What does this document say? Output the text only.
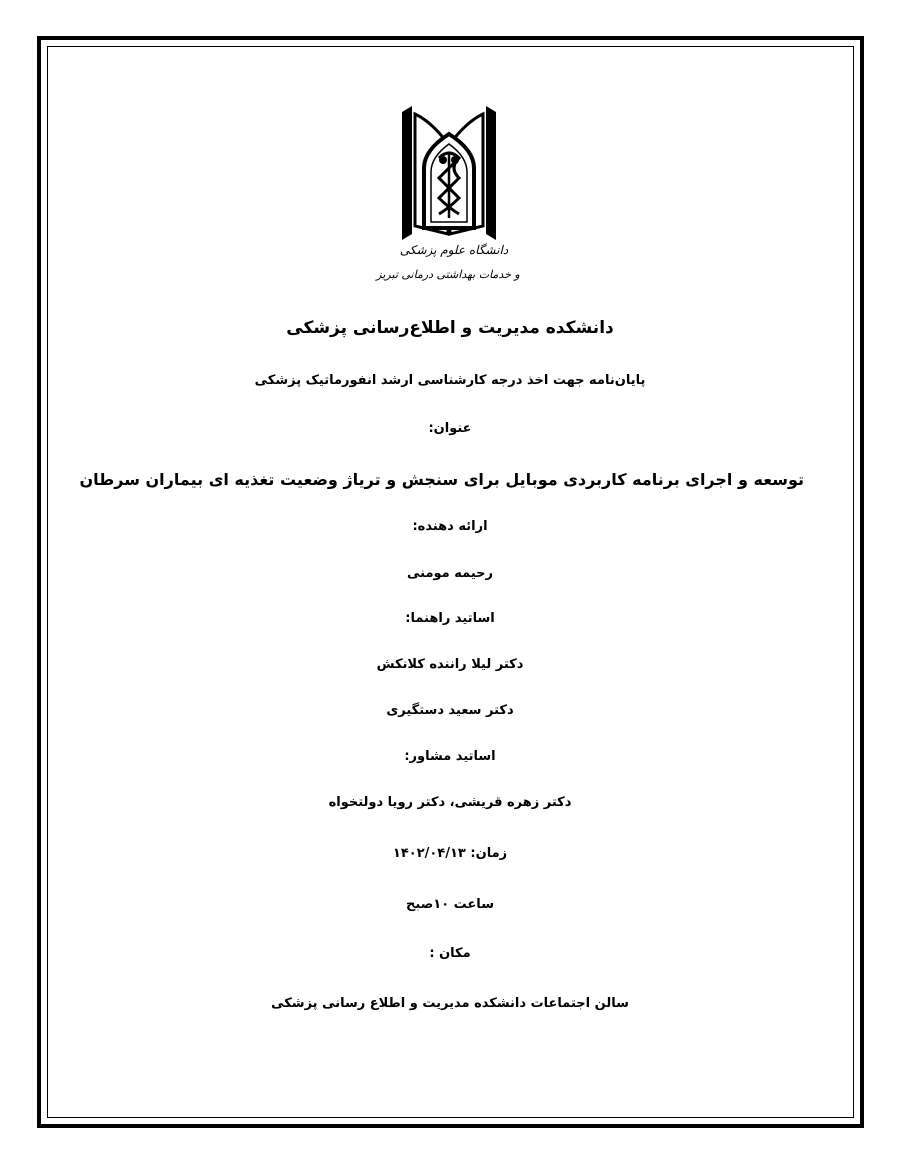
دانشگاه علوم پزشکی
و خدمات بهداشتی درمانی تبریز
دانشکده مدیریت و اطلاع‌رسانی پزشکی
پایان‌نامه جهت اخذ درجه کارشناسی ارشد انفورماتیک پزشکی
عنوان:
توسعه و اجرای برنامه کاربردی موبایل برای سنجش و تریاژ وضعیت تغذیه ای بیماران سرطان
ارائه دهنده:
رحیمه مومنی
اساتید راهنما:
دکتر لیلا راننده کلانکش
دکتر سعید دستگیری
اساتید مشاور:
دکتر زهره قریشی، دکتر رویا دولتخواه
زمان: ۱۴۰۲/۰۴/۱۳
ساعت ۱۰صبح
مکان :
سالن اجتماعات دانشکده مدیریت و اطلاع رسانی پزشکی
